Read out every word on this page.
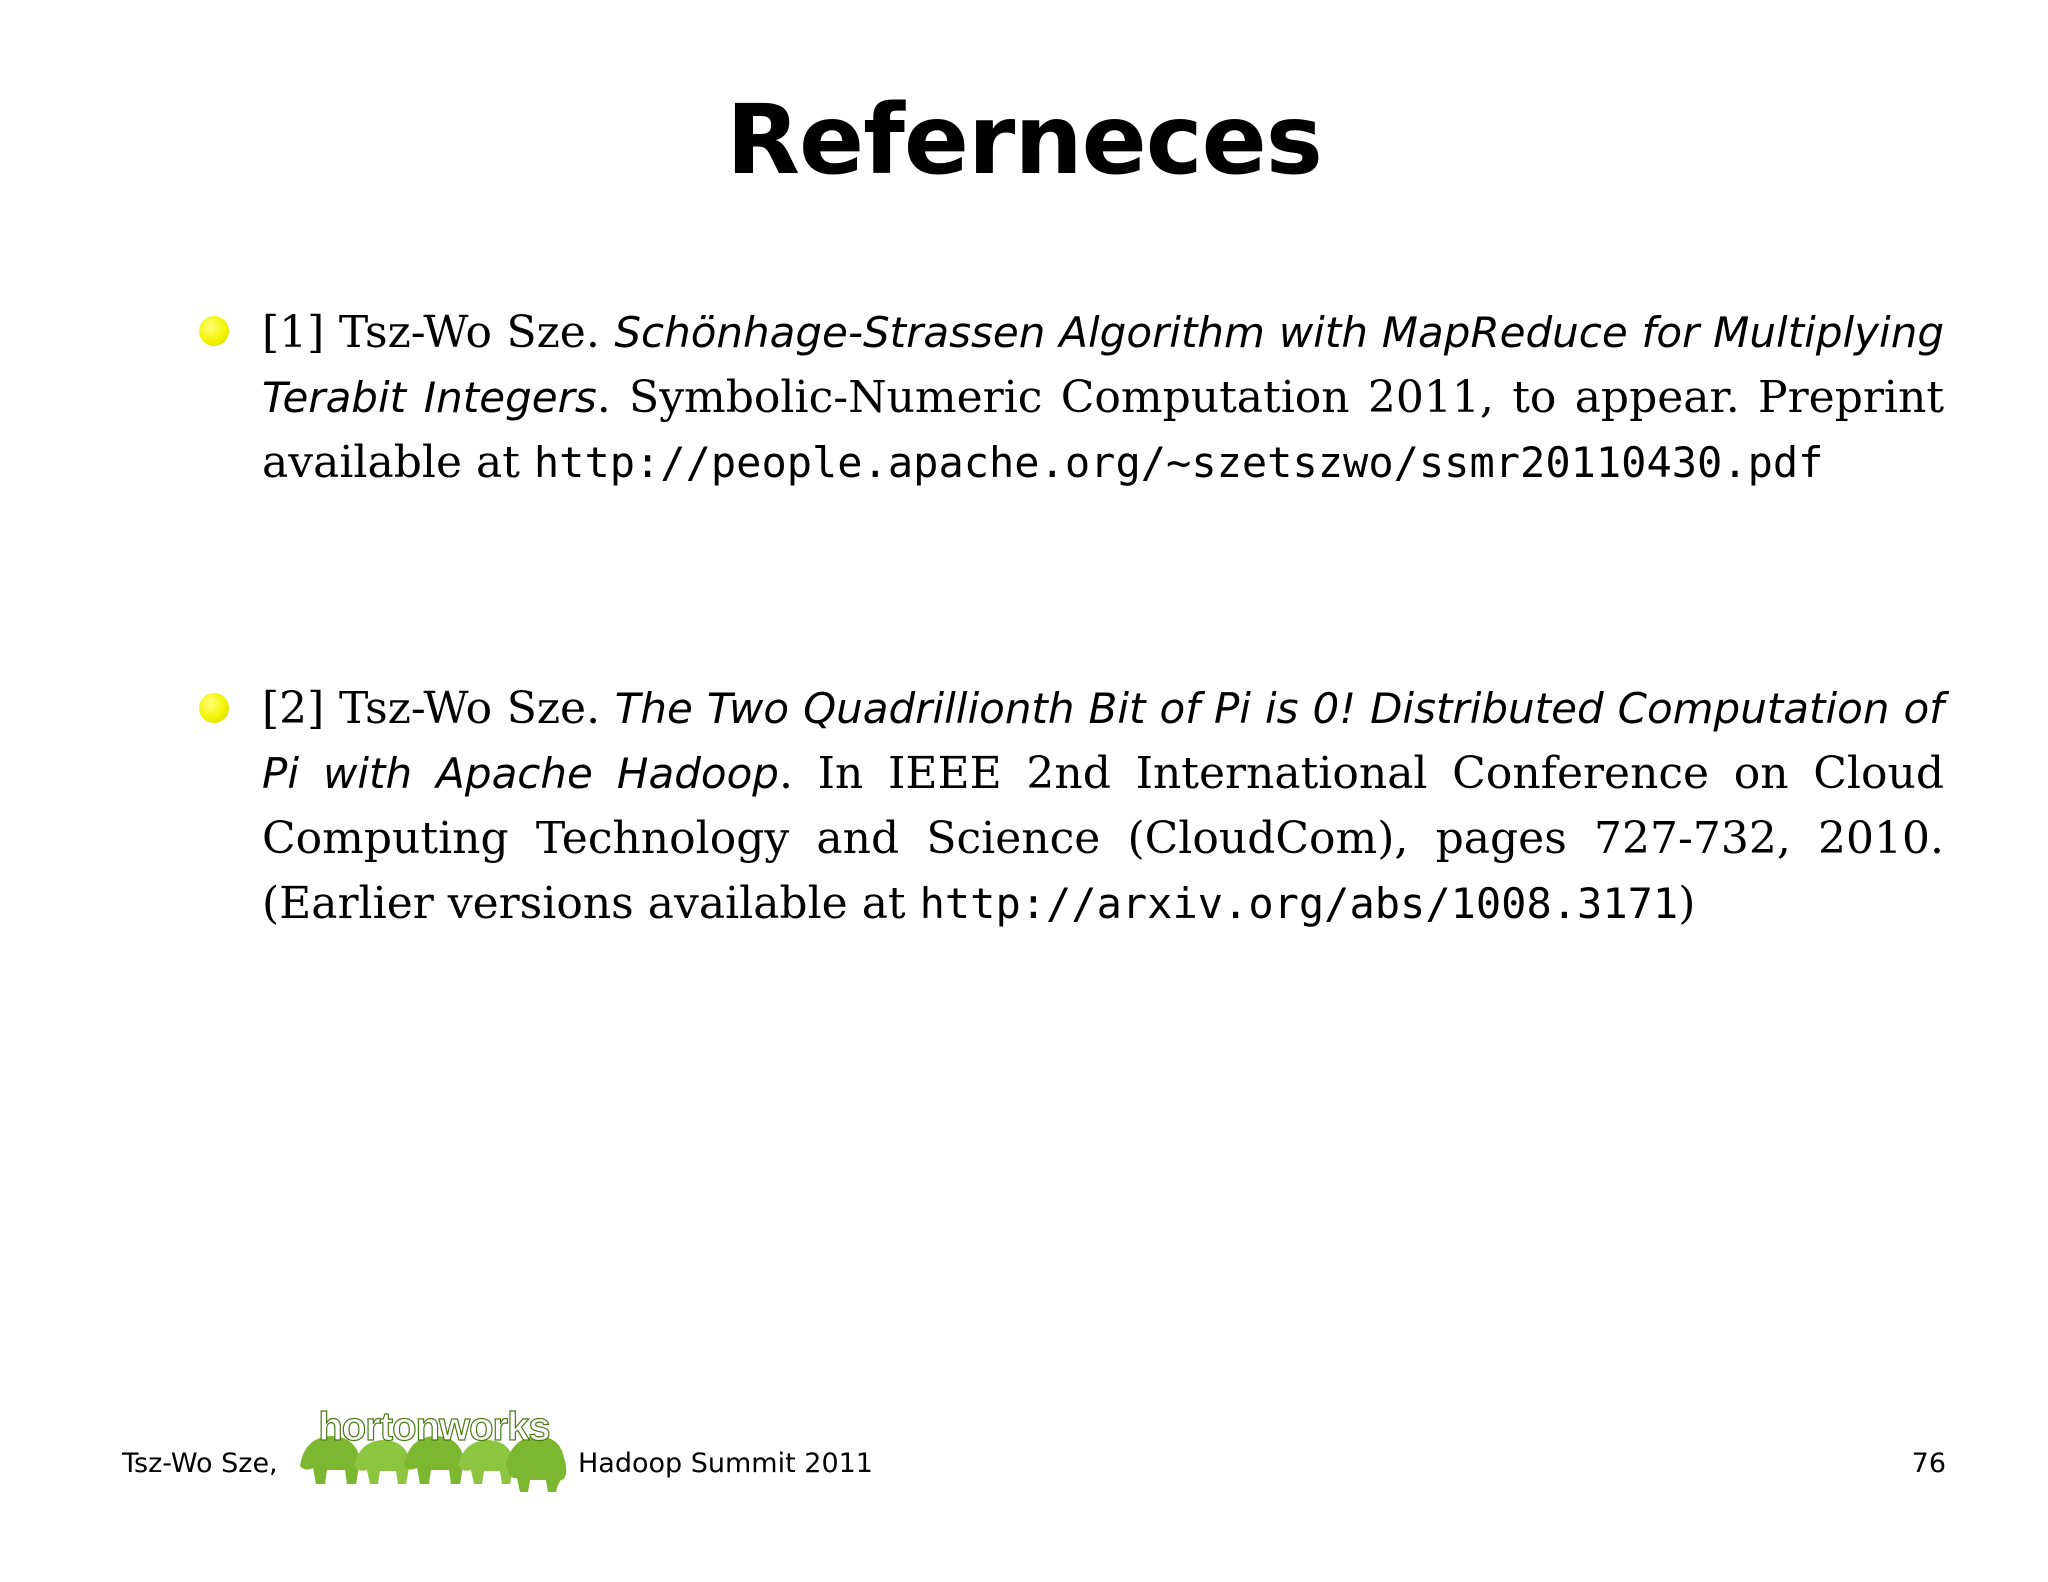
Referneces

[1] Tsz-Wo Sze. Schönhage-Strassen Algorithm with MapReduce for Multiplying Terabit Integers. Symbolic-Numeric Computation 2011, to appear. Preprint available at http://people.apache.org/~szetszwo/ssmr20110430.pdf

[2] Tsz-Wo Sze. The Two Quadrillionth Bit of Pi is 0! Distributed Computation of Pi with Apache Hadoop. In IEEE 2nd International Conference on Cloud Computing Technology and Science (CloudCom), pages 727-732, 2010. (Earlier versions available at http://arxiv.org/abs/1008.3171)

Tsz-Wo Sze,
hortonworks
Hadoop Summit 2011	76
